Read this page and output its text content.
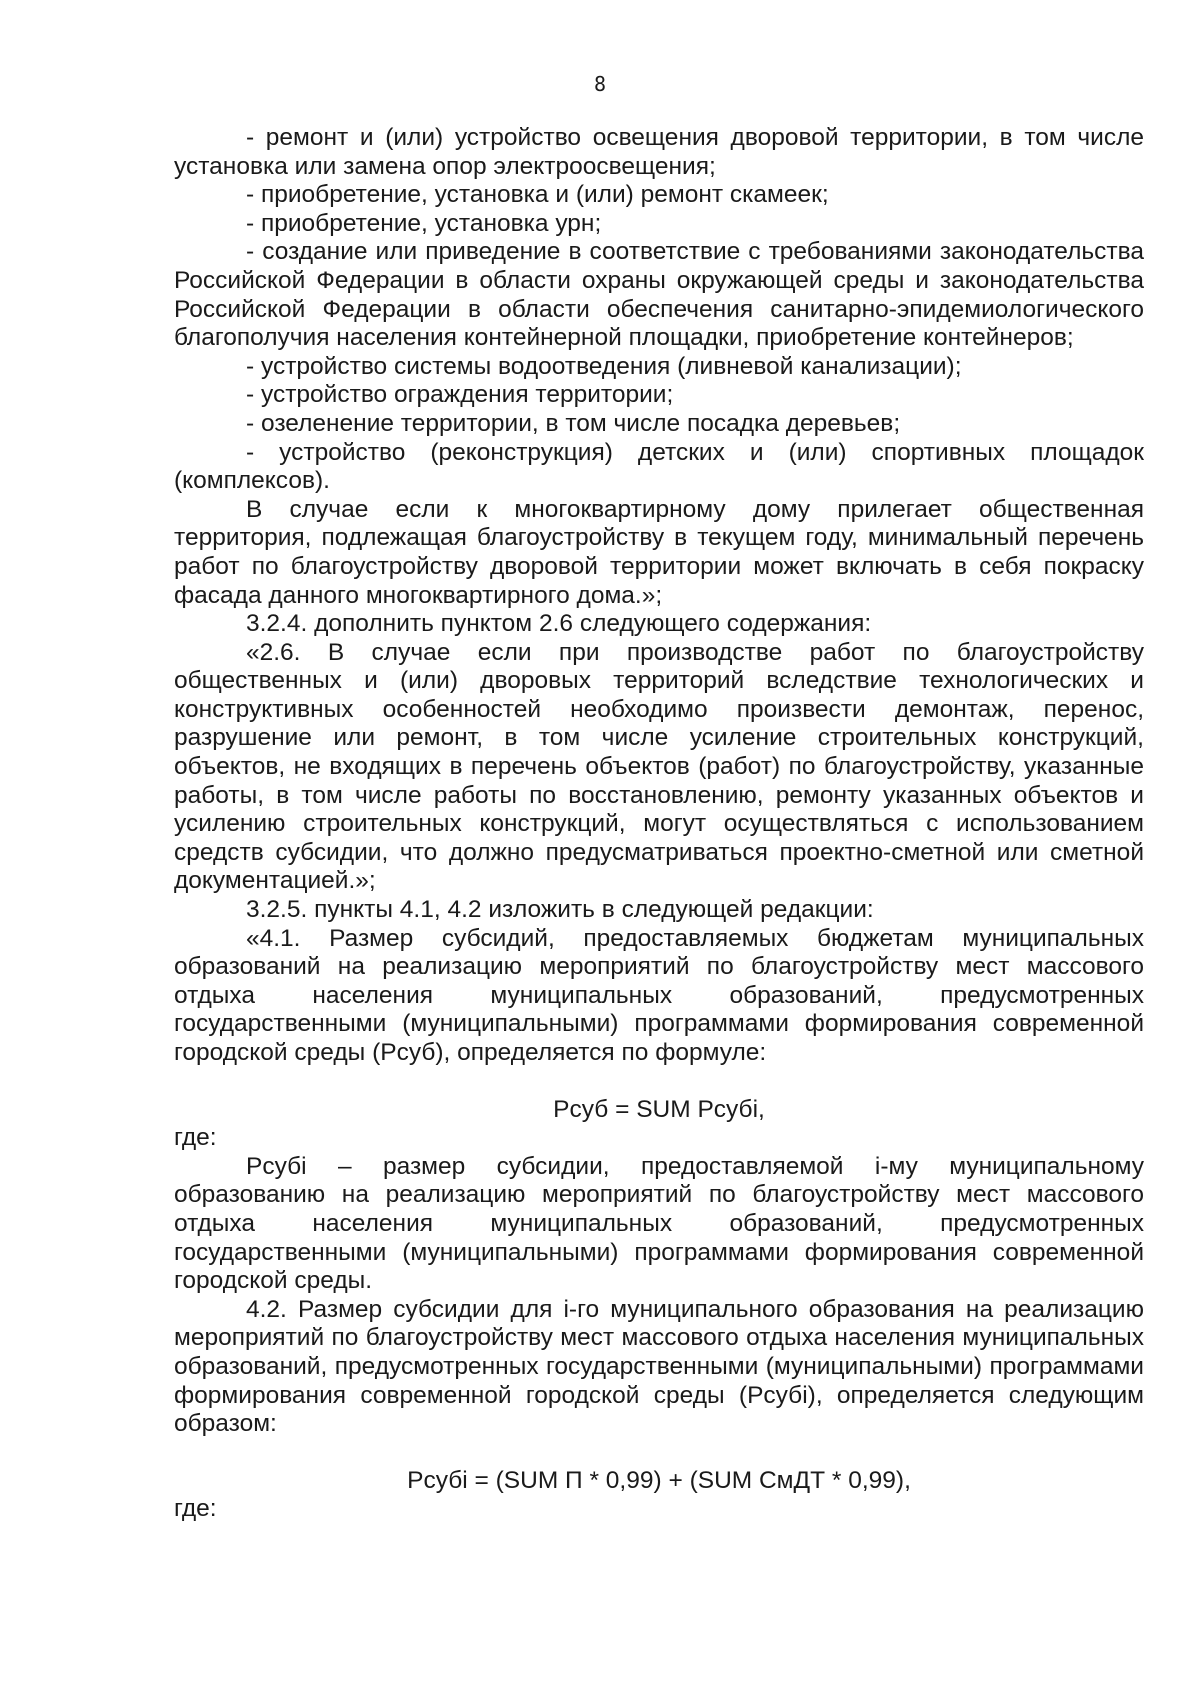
8

- ремонт и (или) устройство освещения дворовой территории, в том числе установка или замена опор электроосвещения;

- приобретение, установка и (или) ремонт скамеек;

- приобретение, установка урн;

- создание или приведение в соответствие с требованиями законодательства Российской Федерации в области охраны окружающей среды и законодательства Российской Федерации в области обеспечения санитарно-эпидемиологического благополучия населения контейнерной площадки, приобретение контейнеров;

- устройство системы водоотведения (ливневой канализации);

- устройство ограждения территории;

- озеленение территории, в том числе посадка деревьев;

- устройство (реконструкция) детских и (или) спортивных площадок (комплексов).

В случае если к многоквартирному дому прилегает общественная территория, подлежащая благоустройству в текущем году, минимальный перечень работ по благоустройству дворовой территории может включать в себя покраску фасада данного многоквартирного дома.»;

3.2.4. дополнить пунктом 2.6 следующего содержания:

«2.6. В случае если при производстве работ по благоустройству общественных и (или) дворовых территорий вследствие технологических и конструктивных особенностей необходимо произвести демонтаж, перенос, разрушение или ремонт, в том числе усиление строительных конструкций, объектов, не входящих в перечень объектов (работ) по благоустройству, указанные работы, в том числе работы по восстановлению, ремонту указанных объектов и усилению строительных конструкций, могут осуществляться с использованием средств субсидии, что должно предусматриваться проектно-сметной или сметной документацией.»;

3.2.5. пункты 4.1, 4.2 изложить в следующей редакции:

«4.1. Размер субсидий, предоставляемых бюджетам муниципальных образований на реализацию мероприятий по благоустройству мест массового отдыха населения муниципальных образований, предусмотренных государственными (муниципальными) программами формирования современной городской среды (Рсуб), определяется по формуле:

Рсуб = SUM Рсубi,

где:

Рсубi – размер субсидии, предоставляемой i-му муниципальному образованию на реализацию мероприятий по благоустройству мест массового отдыха населения муниципальных образований, предусмотренных государственными (муниципальными) программами формирования современной городской среды.

4.2. Размер субсидии для i-го муниципального образования на реализацию мероприятий по благоустройству мест массового отдыха населения муниципальных образований, предусмотренных государственными (муниципальными) программами формирования современной городской среды (Рсубi), определяется следующим образом:

Рсубi = (SUM П * 0,99) + (SUM СмДТ * 0,99),

где:
